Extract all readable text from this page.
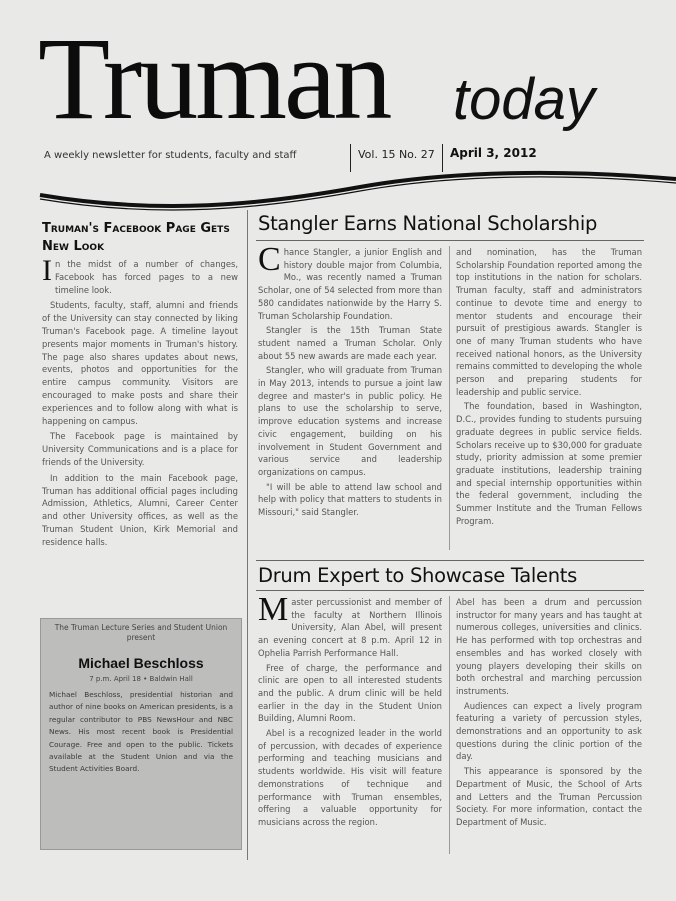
Truman today
A weekly newsletter for students, faculty and staff	Vol. 15 No. 27 April 3, 2012
Truman's Facebook Page Gets New Look

In the midst of a number of changes, Facebook has forced pages to a new timeline look.

Students, faculty, staff, alumni and friends of the University can stay connected by liking Truman's Facebook page. A timeline layout presents major moments in Truman's history. The page also shares updates about news, events, photos and opportunities for the entire campus community. Visitors are encouraged to make posts and share their experiences and to follow along with what is happening on campus.

The Facebook page is maintained by University Communications and is a place for friends of the University.

In addition to the main Facebook page, Truman has additional official pages including Admission, Athletics, Alumni, Career Center and other University offices, as well as the Truman Student Union, Kirk Memorial and residence halls.

The Truman Lecture Series and Student Union present
Michael Beschloss
7 p.m. April 18 • Baldwin Hall
Michael Beschloss, presidential historian and author of nine books on American presidents, is a regular contributor to PBS NewsHour and NBC News. His most recent book is Presidential Courage. Free and open to the public. Tickets available at the Student Union and via the Student Activities Board.
Stangler Earns National Scholarship

Chance Stangler, a junior English and history double major from Columbia, Mo., was recently named a Truman Scholar, one of 54 selected from more than 580 candidates nationwide by the Harry S. Truman Scholarship Foundation.

Stangler is the 15th Truman State student named a Truman Scholar. Only about 55 new awards are made each year.

Stangler, who will graduate from Truman in May 2013, intends to pursue a joint law degree and master's in public policy. He plans to use the scholarship to serve, improve education systems and increase civic engagement, building on his involvement in Student Government and various service and leadership organizations on campus.

"I will be able to attend law school and help with policy that matters to students in Missouri," said Stangler.

and nomination, has the Truman Scholarship Foundation reported among the top institutions in the nation for scholars. Truman faculty, staff and administrators continue to devote time and energy to mentor students and encourage their pursuit of prestigious awards. Stangler is one of many Truman students who have received national honors, as the University remains committed to developing the whole person and preparing students for leadership and public service.

The foundation, based in Washington, D.C., provides funding to students pursuing graduate degrees in public service fields. Scholars receive up to $30,000 for graduate study, priority admission at some premier graduate institutions, leadership training and special internship opportunities within the federal government, including the Summer Institute and the Truman Fellows Program.

Drum Expert to Showcase Talents

Master percussionist and member of the faculty at Northern Illinois University, Alan Abel, will present an evening concert at 8 p.m. April 12 in Ophelia Parrish Performance Hall.

Free of charge, the performance and clinic are open to all interested students and the public. A drum clinic will be held earlier in the day in the Student Union Building, Alumni Room.

Abel is a recognized leader in the world of percussion, with decades of experience performing and teaching musicians and students worldwide. His visit will feature demonstrations of technique and performance with Truman ensembles, offering a valuable opportunity for musicians across the region.

Abel has been a drum and percussion instructor for many years and has taught at numerous colleges, universities and clinics. He has performed with top orchestras and ensembles and has worked closely with young players developing their skills on both orchestral and marching percussion instruments.

Audiences can expect a lively program featuring a variety of percussion styles, demonstrations and an opportunity to ask questions during the clinic portion of the day.

This appearance is sponsored by the Department of Music, the School of Arts and Letters and the Truman Percussion Society. For more information, contact the Department of Music.
